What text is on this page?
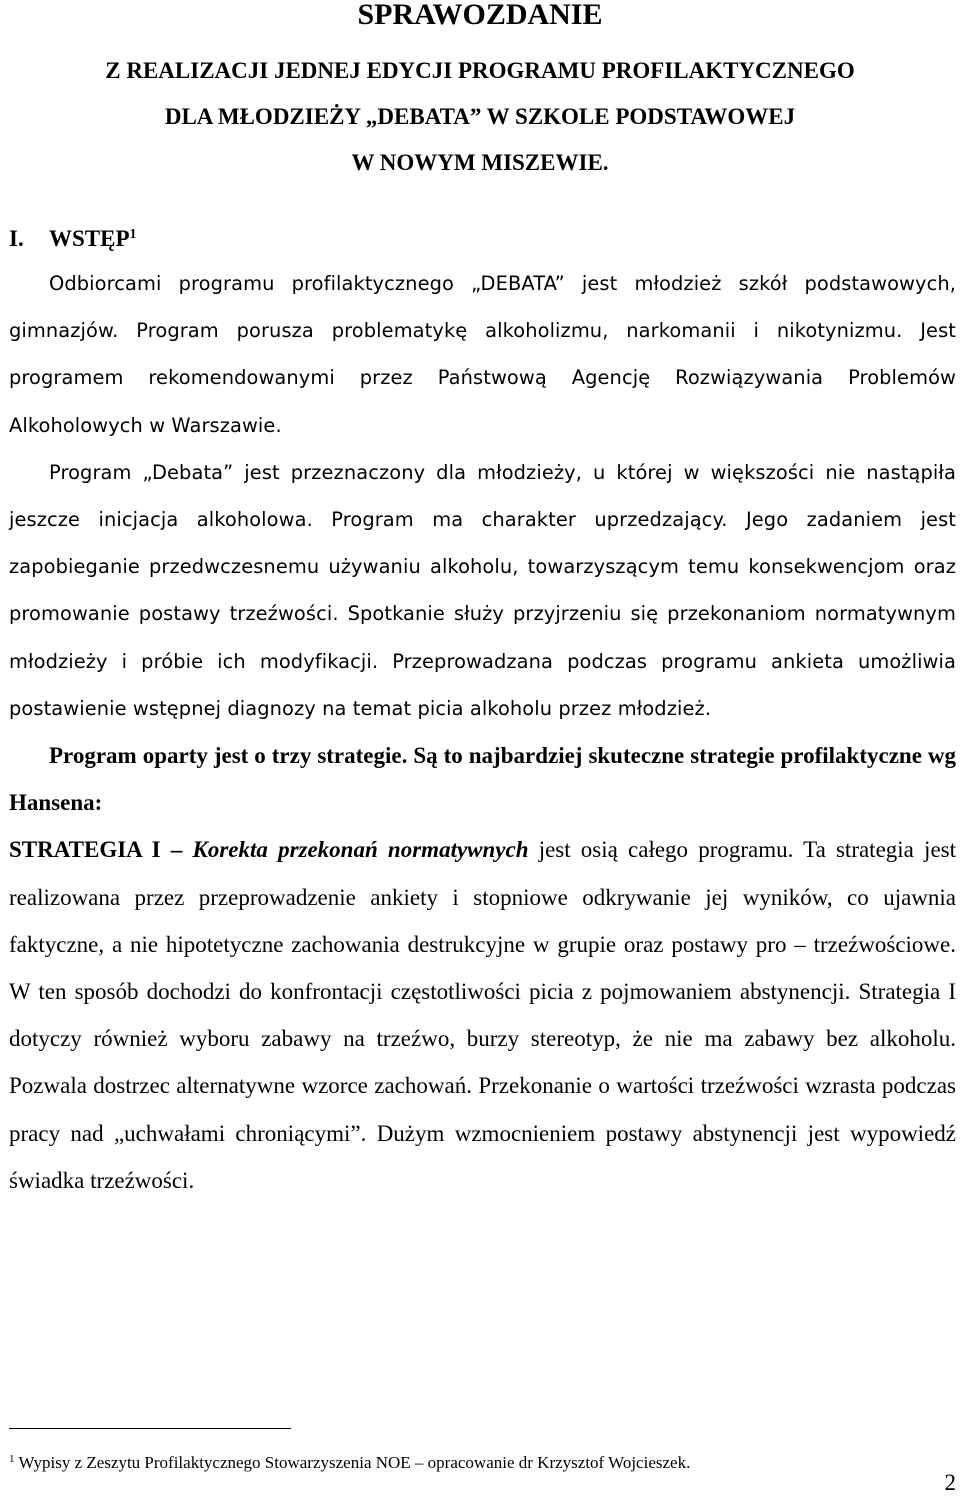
SPRAWOZDANIE
Z REALIZACJI JEDNEJ EDYCJI PROGRAMU PROFILAKTYCZNEGO
DLA MŁODZIEŻY „DEBATA” W SZKOLE PODSTAWOWEJ
W NOWYM MISZEWIE.
I. WSTĘP$^1$

Odbiorcami programu profilaktycznego „DEBATA” jest młodzież szkół podstawowych, gimnazjów. Program porusza problematykę alkoholizmu, narkomanii i nikotynizmu. Jest programem rekomendowanymi przez Państwową Agencję Rozwiązywania Problemów Alkoholowych w Warszawie.

Program „Debata” jest przeznaczony dla młodzieży, u której w większości nie nastąpiła jeszcze inicjacja alkoholowa. Program ma charakter uprzedzający. Jego zadaniem jest zapobieganie przedwczesnemu używaniu alkoholu, towarzyszącym temu konsekwencjom oraz promowanie postawy trzeźwości. Spotkanie służy przyjrzeniu się przekonaniom normatywnym młodzieży i próbie ich modyfikacji. Przeprowadzana podczas programu ankieta umożliwia postawienie wstępnej diagnozy na temat picia alkoholu przez młodzież.

Program oparty jest o trzy strategie. Są to najbardziej skuteczne strategie profilaktyczne wg Hansena:

STRATEGIA I – Korekta przekonań normatywnych jest osią całego programu. Ta strategia jest realizowana przez przeprowadzenie ankiety i stopniowe odkrywanie jej wyników, co ujawnia faktyczne, a nie hipotetyczne zachowania destrukcyjne w grupie oraz postawy pro – trzeźwościowe. W ten sposób dochodzi do konfrontacji częstotliwości picia z pojmowaniem abstynencji. Strategia I dotyczy również wyboru zabawy na trzeźwo, burzy stereotyp, że nie ma zabawy bez alkoholu. Pozwala dostrzec alternatywne wzorce zachowań. Przekonanie o wartości trzeźwości wzrasta podczas pracy nad „uchwałami chroniącymi”. Dużym wzmocnieniem postawy abstynencji jest wypowiedź świadka trzeźwości.

$^1$ Wypisy z Zeszytu Profilaktycznego Stowarzyszenia NOE – opracowanie dr Krzysztof Wojcieszek.
2
